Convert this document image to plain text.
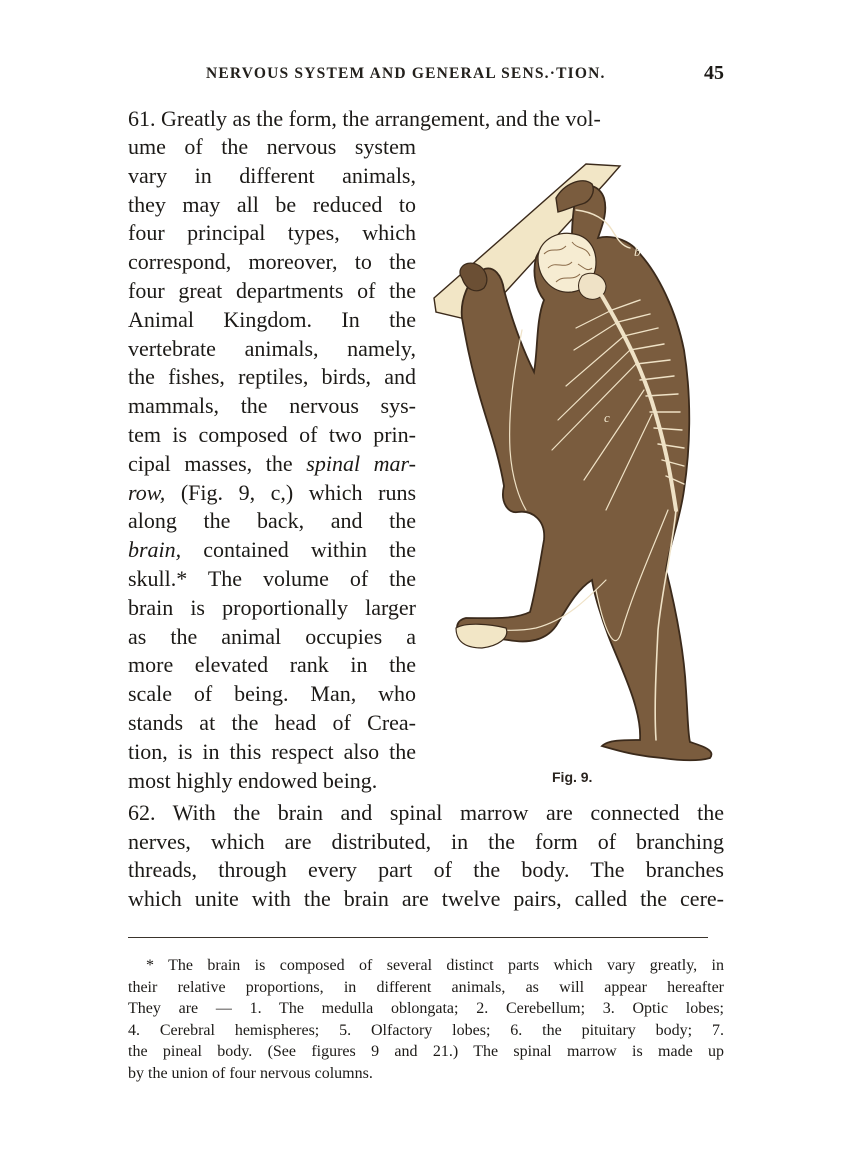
NERVOUS SYSTEM AND GENERAL SENS.·TION.	45
61. Greatly as the form, the arrangement, and the vol-
ume of the nervous system
vary in different animals,
they may all be reduced to
four principal types, which
correspond, moreover, to the
four great departments of the
Animal Kingdom. In the
vertebrate animals, namely,
the fishes, reptiles, birds, and
mammals, the nervous sys-
tem is composed of two prin-
cipal masses, the spinal mar-
row, (Fig. 9, c,) which runs
along the back, and the
brain, contained within the
skull.* The volume of the
brain is proportionally larger
as the animal occupies a
more elevated rank in the
scale of being. Man, who
stands at the head of Crea-
tion, is in this respect also the
most highly endowed being.
b
c
Fig. 9.
62. With the brain and spinal marrow are connected the
nerves, which are distributed, in the form of branching
threads, through every part of the body. The branches
which unite with the brain are twelve pairs, called the cere-
* The brain is composed of several distinct parts which vary greatly, in
their relative proportions, in different animals, as will appear hereafter
They are — 1. The medulla oblongata; 2. Cerebellum; 3. Optic lobes;
4. Cerebral hemispheres; 5. Olfactory lobes; 6. the pituitary body; 7.
the pineal body. (See figures 9 and 21.) The spinal marrow is made up
by the union of four nervous columns.
